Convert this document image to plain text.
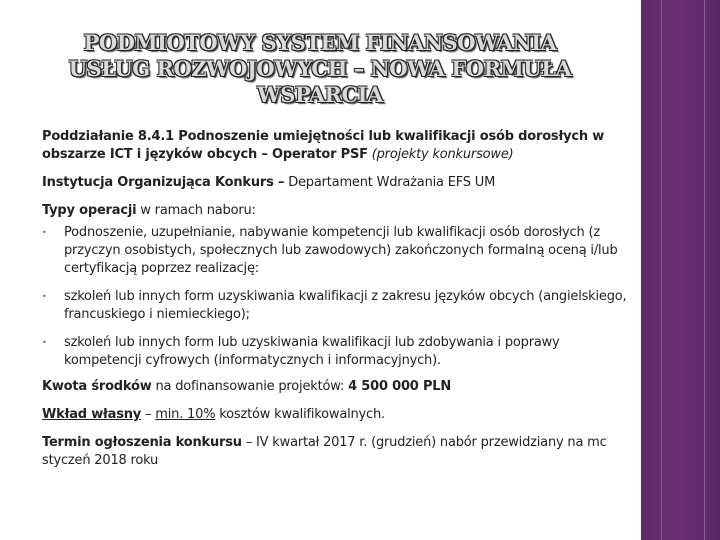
PODMIOTOWY SYSTEM FINANSOWANIA
USŁUG ROZWOJOWYCH – NOWA FORMUŁA
WSPARCIA

Poddziałanie 8.4.1 Podnoszenie umiejętności lub kwalifikacji osób dorosłych w obszarze ICT i języków obcych – Operator PSF (projekty konkursowe)

Instytucja Organizująca Konkurs – Departament Wdrażania EFS UM

Typy operacji w ramach naboru:

• Podnoszenie, uzupełnianie, nabywanie kompetencji lub kwalifikacji osób dorosłych (z przyczyn osobistych, społecznych lub zawodowych) zakończonych formalną oceną i/lub certyfikacją poprzez realizację:
• szkoleń lub innych form uzyskiwania kwalifikacji z zakresu języków obcych (angielskiego, francuskiego i niemieckiego);
• szkoleń lub innych form lub uzyskiwania kwalifikacji lub zdobywania i poprawy kompetencji cyfrowych (informatycznych i informacyjnych).

Kwota środków na dofinansowanie projektów: 4 500 000 PLN

Wkład własny – min. 10% kosztów kwalifikowalnych.

Termin ogłoszenia konkursu – IV kwartał 2017 r. (grudzień) nabór przewidziany na mc styczeń 2018 roku
